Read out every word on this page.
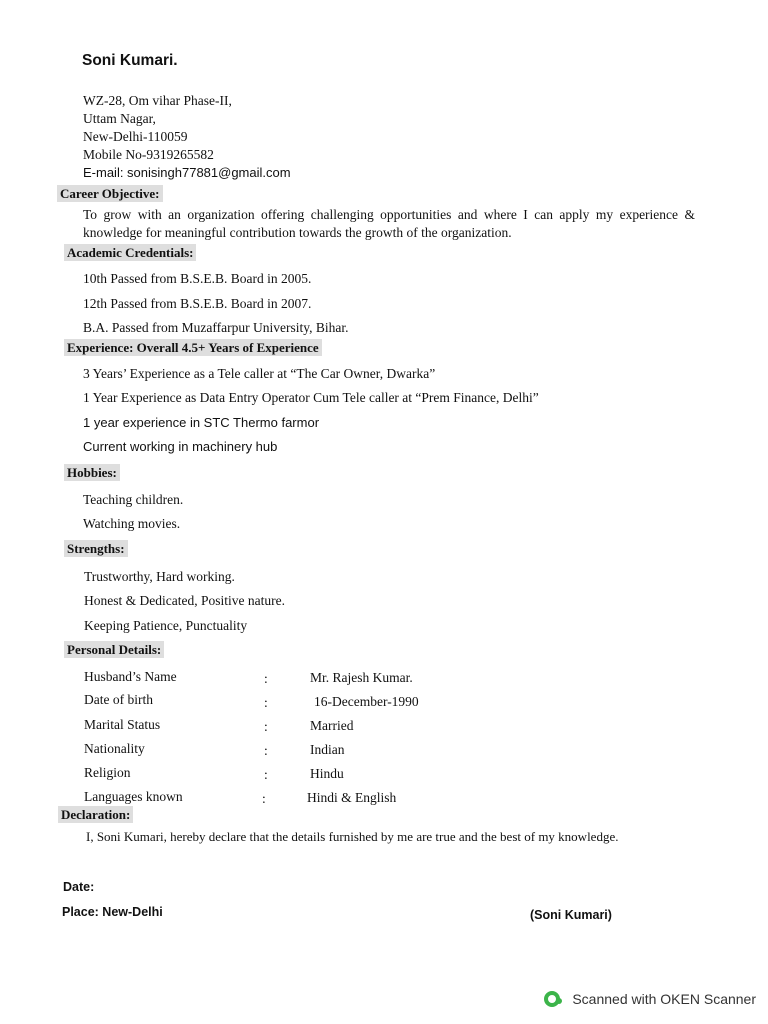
Soni Kumari.
WZ-28, Om vihar Phase-II,
Uttam Nagar,
New-Delhi-110059
Mobile No-9319265582
E-mail: sonisingh77881@gmail.com
Career Objective:
To grow with an organization offering challenging opportunities and where I can apply my experience & knowledge for meaningful contribution towards the growth of the organization.
Academic Credentials:
10th Passed from B.S.E.B. Board in 2005.
12th Passed from B.S.E.B. Board in 2007.
B.A. Passed from Muzaffarpur University, Bihar.
Experience: Overall 4.5+ Years of Experience
3 Years’ Experience as a Tele caller at “The Car Owner, Dwarka”
1 Year Experience as Data Entry Operator Cum Tele caller at “Prem Finance, Delhi”
1 year experience in STC Thermo farmor
Current working in machinery hub
Hobbies:
Teaching children.
Watching movies.
Strengths:
Trustworthy, Hard working.
Honest & Dedicated, Positive nature.
Keeping Patience, Punctuality
Personal Details:
Husband’s Name	:	Mr. Rajesh Kumar.
Date of birth	:	16-December-1990
Marital Status	:	Married
Nationality	:	Indian
Religion	:	Hindu
Languages known	:	Hindi & English
Declaration:
I, Soni Kumari, hereby declare that the details furnished by me are true and the best of my knowledge.
Date:
Place: New-Delhi	(Soni Kumari)
Scanned with OKEN Scanner
